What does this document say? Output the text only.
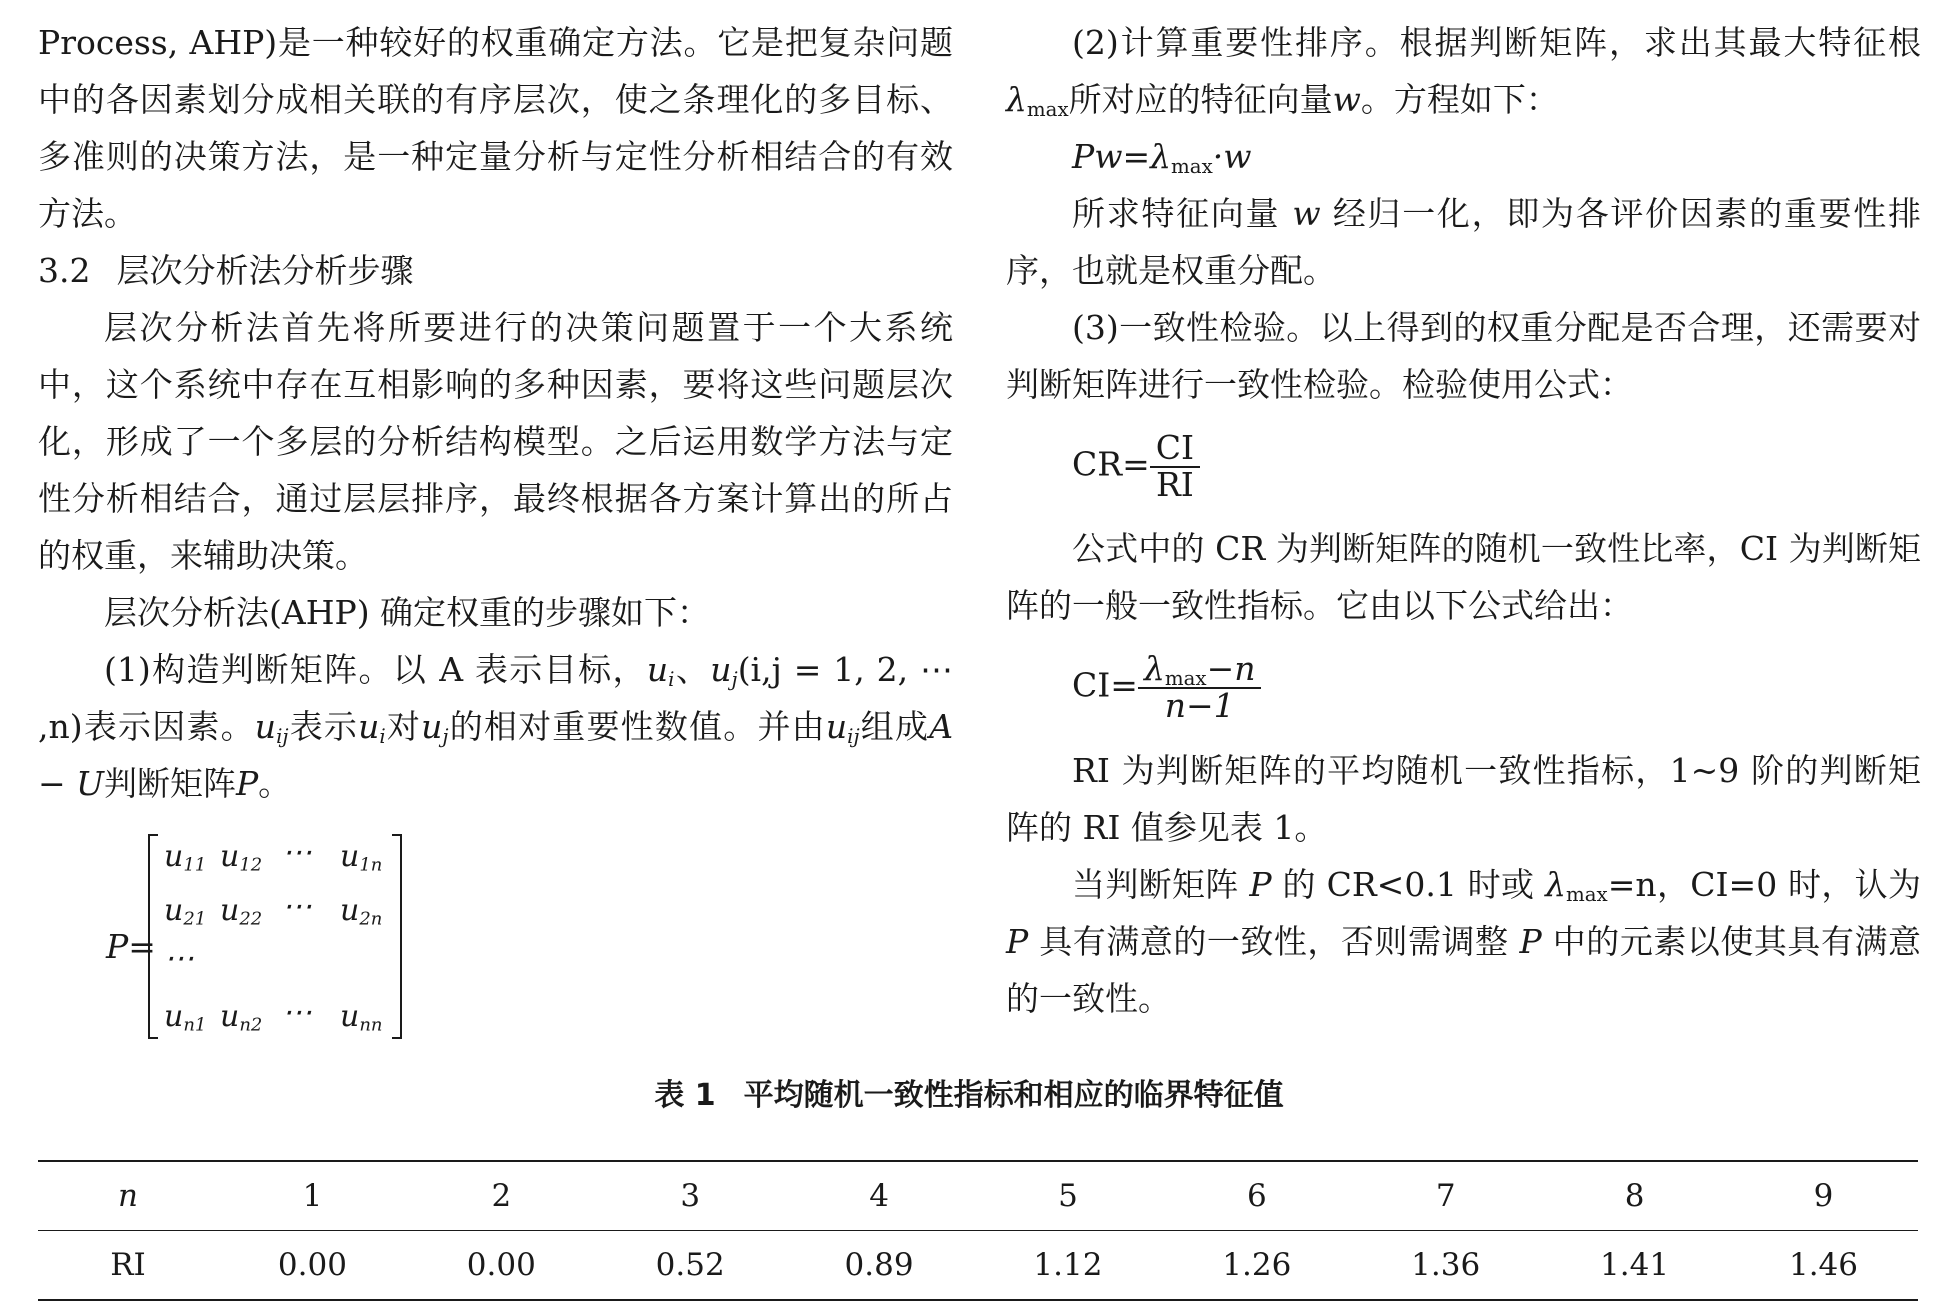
Process, AHP)是一种较好的权重确定方法。它是把复杂问题中的各因素划分成相关联的有序层次，使之条理化的多目标、多准则的决策方法，是一种定量分析与定性分析相结合的有效方法。

3.2 层次分析法分析步骤

层次分析法首先将所要进行的决策问题置于一个大系统中，这个系统中存在互相影响的多种因素，要将这些问题层次化，形成了一个多层的分析结构模型。之后运用数学方法与定性分析相结合，通过层层排序，最终根据各方案计算出的所占的权重，来辅助决策。

层次分析法(AHP) 确定权重的步骤如下：

(1)构造判断矩阵。以 A 表示目标，$u_i$、$u_j(i,j = 1$, 2, ⋯ ,n)表示因素。$u_{ij}$表示$u_i$对$u_j$的相对重要性数值。并由$u_{ij}$组成A − U判断矩阵P。

P=
$u_{11}$ $u_{12}$ ⋯ $u_{1n}$
$u_{21}$ $u_{22}$ ⋯ $u_{2n}$
⋯
$u_{n1}$ $u_{n2}$ ⋯ $u_{nn}$

(2)计算重要性排序。根据判断矩阵，求出其最大特征根$\lambda_{max}$所对应的特征向量w。方程如下：

$Pw=\lambda_{max}\cdot w$

所求特征向量 w 经归一化，即为各评价因素的重要性排序，也就是权重分配。

(3)一致性检验。以上得到的权重分配是否合理，还需要对判断矩阵进行一致性检验。检验使用公式：

$CR= \frac{CI}{RI}$

公式中的 CR 为判断矩阵的随机一致性比率，CI 为判断矩阵的一般一致性指标。它由以下公式给出：

$CI= \frac{\lambda_{max}-n}{n-1}$

RI 为判断矩阵的平均随机一致性指标，1~9 阶的判断矩阵的 RI 值参见表 1。

当判断矩阵 P 的 CR<0.1 时或 $\lambda_{max}=n$，CI=0 时，认为 P 具有满意的一致性，否则需调整 P 中的元素以使其具有满意的一致性。

表 1 平均随机一致性指标和相应的临界特征值
n	1	2	3	4	5	6	7	8	9
RI	0.00	0.00	0.52	0.89	1.12	1.26	1.36	1.41	1.46
